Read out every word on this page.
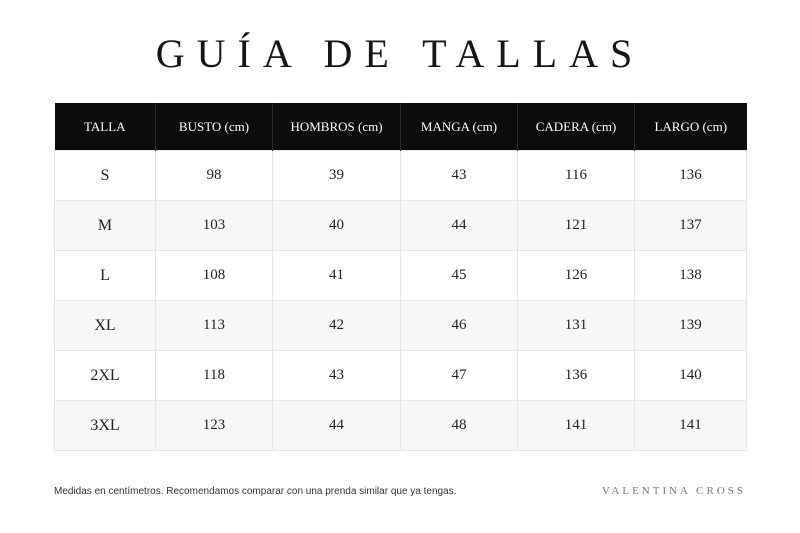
GUÍA DE TALLAS
TALLA	BUSTO (cm)	HOMBROS (cm)	MANGA (cm)	CADERA (cm)	LARGO (cm)
S	98	39	43	116	136
M	103	40	44	121	137
L	108	41	45	126	138
XL	113	42	46	131	139
2XL	118	43	47	136	140
3XL	123	44	48	141	141
Medidas en centímetros. Recomendamos comparar con una prenda similar que ya tengas.	VALENTINA CROSS
